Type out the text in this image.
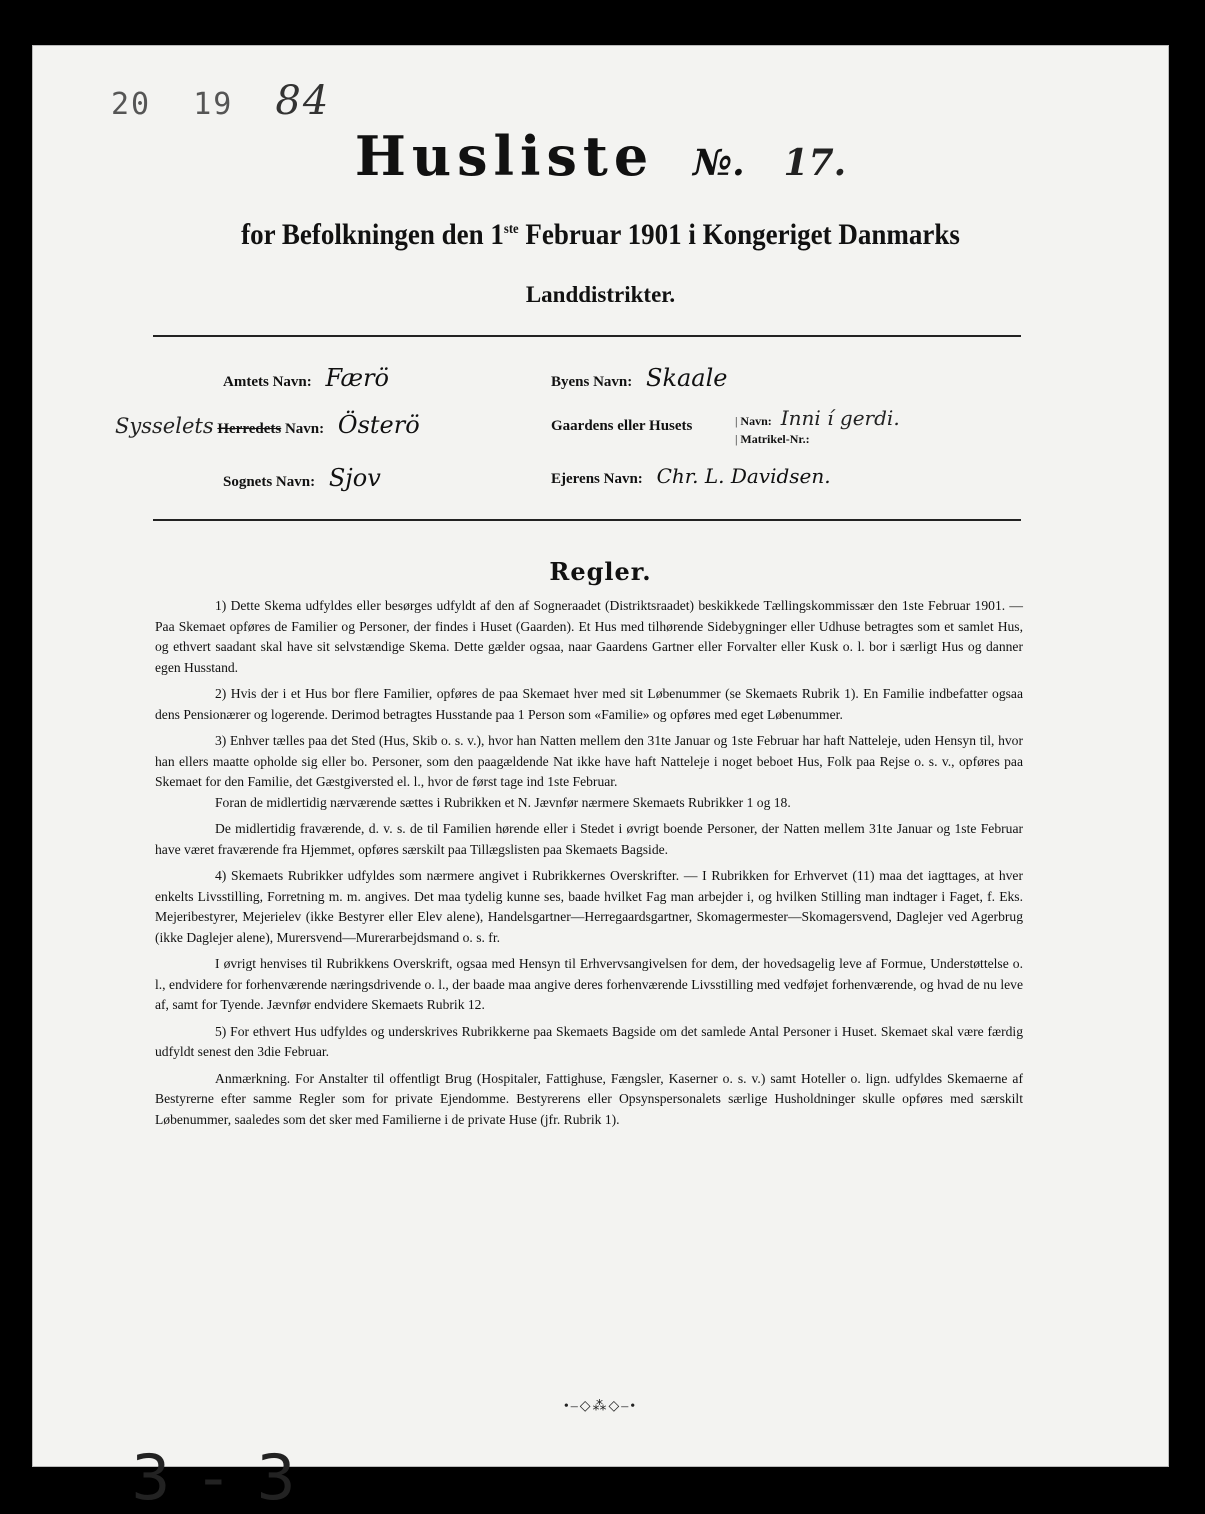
20 19 84
Husliste №. 17.
for Befolkningen den 1ste Februar 1901 i Kongeriget Danmarks
Landdistrikter.
Amtets Navn: Færö
Sysselets Herredets Navn: Österö
Sognets Navn: Sjov
Byens Navn: Skaale
Gaardens eller Husets	| Navn: Inni í gerdi.
| Matrikel-Nr.:
Ejerens Navn: Chr. L. Davidsen.
Regler.

1) Dette Skema udfyldes eller besørges udfyldt af den af Sogneraadet (Distriktsraadet) beskikkede Tællingskommissær den 1ste Februar 1901. — Paa Skemaet opføres de Familier og Personer, der findes i Huset (Gaarden). Et Hus med tilhørende Sidebygninger eller Udhuse betragtes som et samlet Hus, og ethvert saadant skal have sit selvstændige Skema. Dette gælder ogsaa, naar Gaardens Gartner eller Forvalter eller Kusk o. l. bor i særligt Hus og danner egen Husstand.

2) Hvis der i et Hus bor flere Familier, opføres de paa Skemaet hver med sit Løbenummer (se Skemaets Rubrik 1). En Familie indbefatter ogsaa dens Pensionærer og logerende. Derimod betragtes Husstande paa 1 Person som «Familie» og opføres med eget Løbenummer.

3) Enhver tælles paa det Sted (Hus, Skib o. s. v.), hvor han Natten mellem den 31te Januar og 1ste Februar har haft Natteleje, uden Hensyn til, hvor han ellers maatte opholde sig eller bo. Personer, som den paagældende Nat ikke have haft Natteleje i noget beboet Hus, Folk paa Rejse o. s. v., opføres paa Skemaet for den Familie, det Gæstgiversted el. l., hvor de først tage ind 1ste Februar.

Foran de midlertidig nærværende sættes i Rubrikken et N. Jævnfør nærmere Skemaets Rubrikker 1 og 18.

De midlertidig fraværende, d. v. s. de til Familien hørende eller i Stedet i øvrigt boende Personer, der Natten mellem 31te Januar og 1ste Februar have været fraværende fra Hjemmet, opføres særskilt paa Tillægslisten paa Skemaets Bagside.

4) Skemaets Rubrikker udfyldes som nærmere angivet i Rubrikkernes Overskrifter. — I Rubrikken for Erhvervet (11) maa det iagttages, at hver enkelts Livsstilling, Forretning m. m. angives. Det maa tydelig kunne ses, baade hvilket Fag man arbejder i, og hvilken Stilling man indtager i Faget, f. Eks. Mejeribestyrer, Mejerielev (ikke Bestyrer eller Elev alene), Handelsgartner—Herregaardsgartner, Skomagermester—Skomagersvend, Daglejer ved Agerbrug (ikke Daglejer alene), Murersvend—Murerarbejdsmand o. s. fr.

I øvrigt henvises til Rubrikkens Overskrift, ogsaa med Hensyn til Erhvervsangivelsen for dem, der hovedsagelig leve af Formue, Understøttelse o. l., endvidere for forhenværende næringsdrivende o. l., der baade maa angive deres forhenværende Livsstilling med vedføjet forhenværende, og hvad de nu leve af, samt for Tyende. Jævnfør endvidere Skemaets Rubrik 12.

5) For ethvert Hus udfyldes og underskrives Rubrikkerne paa Skemaets Bagside om det samlede Antal Personer i Huset. Skemaet skal være færdig udfyldt senest den 3die Februar.

Anmærkning. For Anstalter til offentligt Brug (Hospitaler, Fattighuse, Fængsler, Kaserner o. s. v.) samt Hoteller o. lign. udfyldes Skemaerne af Bestyrerne efter samme Regler som for private Ejendomme. Bestyrerens eller Opsynspersonalets særlige Husholdninger skulle opføres med særskilt Løbenummer, saaledes som det sker med Familierne i de private Huse (jfr. Rubrik 1).

•–◇⁂◇–•
3 - 3
